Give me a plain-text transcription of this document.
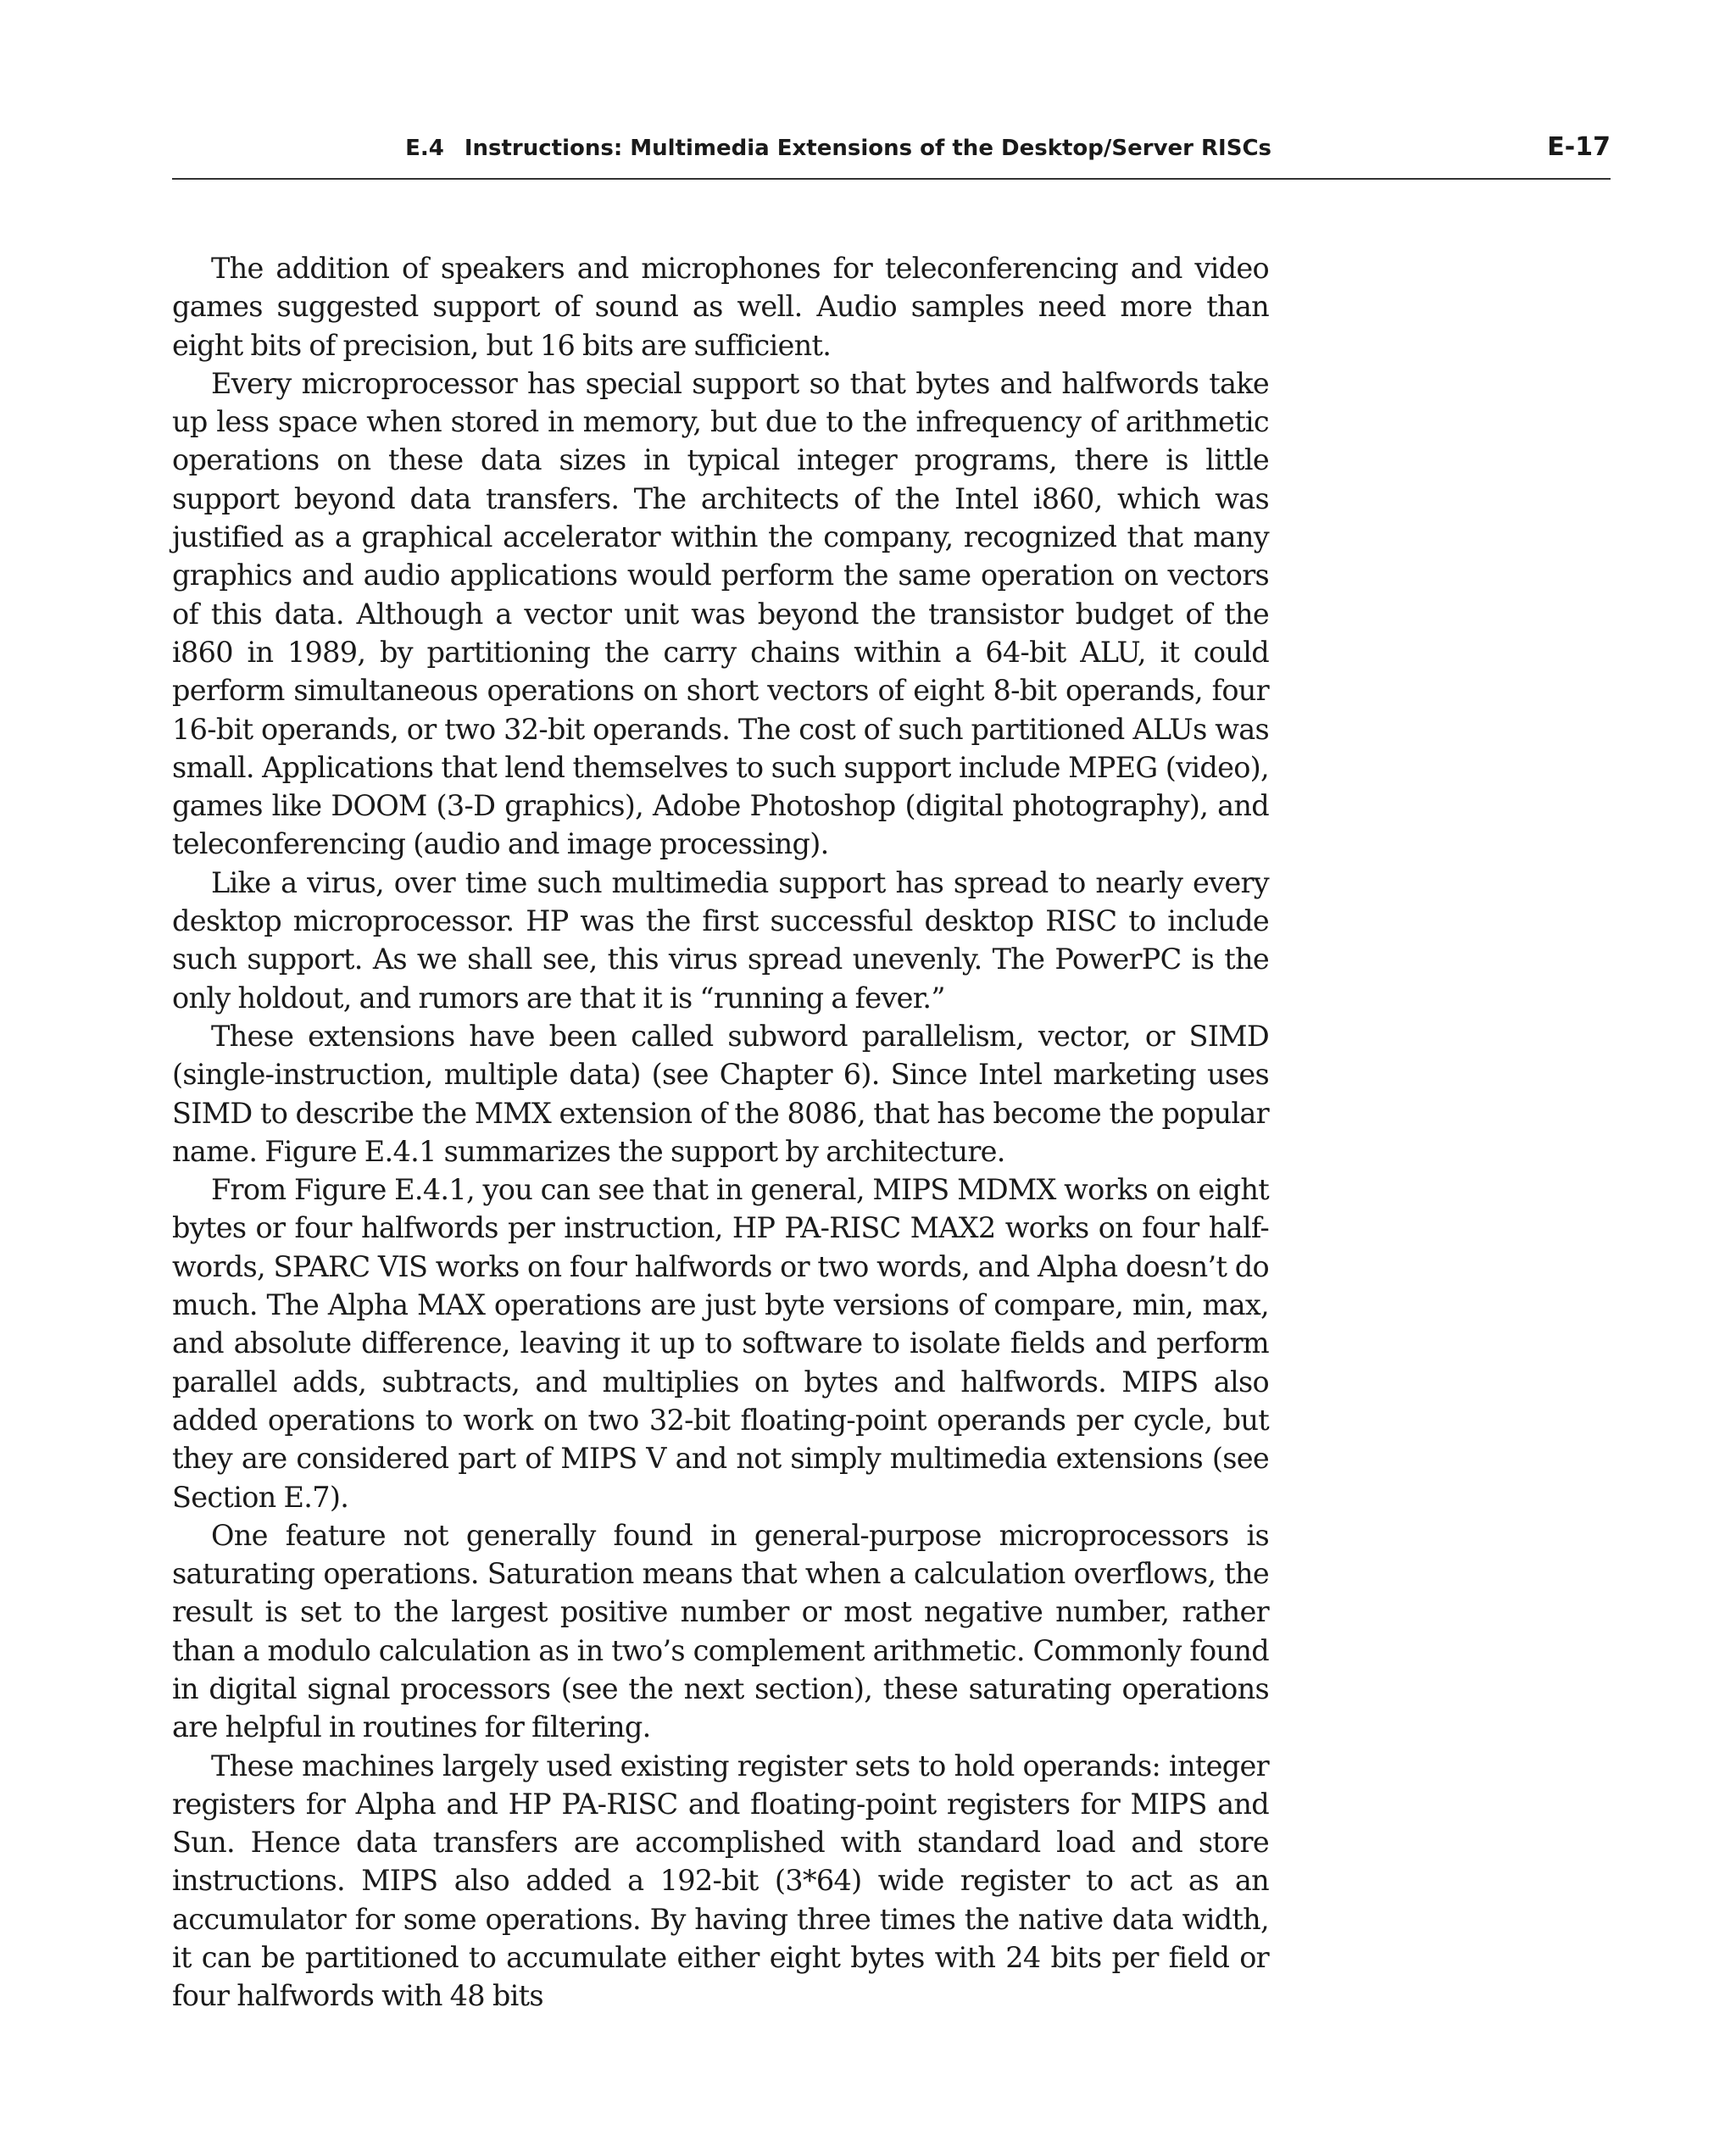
E.4 Instructions: Multimedia Extensions of the Desktop/Server RISCs	E-17

The addition of speakers and microphones for teleconferencing and video games suggested support of sound as well. Audio samples need more than eight bits of precision, but 16 bits are sufficient.

Every microprocessor has special support so that bytes and halfwords take up less space when stored in memory, but due to the infrequency of arithmetic operations on these data sizes in typical integer programs, there is little support beyond data transfers. The architects of the Intel i860, which was justified as a graphical accelerator within the company, recognized that many graphics and audio applications would perform the same operation on vectors of this data. Although a vector unit was beyond the transistor budget of the i860 in 1989, by partitioning the carry chains within a 64-bit ALU, it could perform simultaneous operations on short vectors of eight 8-bit operands, four 16-bit operands, or two 32-bit operands. The cost of such partitioned ALUs was small. Applications that lend themselves to such support include MPEG (video), games like DOOM (3-D graphics), Adobe Photoshop (digital photography), and teleconferencing (audio and image processing).

Like a virus, over time such multimedia support has spread to nearly every desktop microprocessor. HP was the first successful desktop RISC to include such support. As we shall see, this virus spread unevenly. The PowerPC is the only holdout, and rumors are that it is “running a fever.”

These extensions have been called subword parallelism, vector, or SIMD (single-instruction, multiple data) (see Chapter 6). Since Intel marketing uses SIMD to describe the MMX extension of the 8086, that has become the popular name. Figure E.4.1 summarizes the support by architecture.

From Figure E.4.1, you can see that in general, MIPS MDMX works on eight bytes or four halfwords per instruction, HP PA-RISC MAX2 works on four half-words, SPARC VIS works on four halfwords or two words, and Alpha doesn’t do much. The Alpha MAX operations are just byte versions of compare, min, max, and absolute difference, leaving it up to software to isolate fields and perform parallel adds, subtracts, and multiplies on bytes and halfwords. MIPS also added operations to work on two 32-bit floating-point operands per cycle, but they are considered part of MIPS V and not simply multimedia extensions (see Section E.7).

One feature not generally found in general-purpose microprocessors is saturating operations. Saturation means that when a calculation overflows, the result is set to the largest positive number or most negative number, rather than a modulo calculation as in two’s complement arithmetic. Commonly found in digital signal processors (see the next section), these saturating operations are helpful in routines for filtering.

These machines largely used existing register sets to hold operands: integer registers for Alpha and HP PA-RISC and floating-point registers for MIPS and Sun. Hence data transfers are accomplished with standard load and store instructions. MIPS also added a 192-bit (3*64) wide register to act as an accumulator for some operations. By having three times the native data width, it can be partitioned to accumulate either eight bytes with 24 bits per field or four halfwords with 48 bits
